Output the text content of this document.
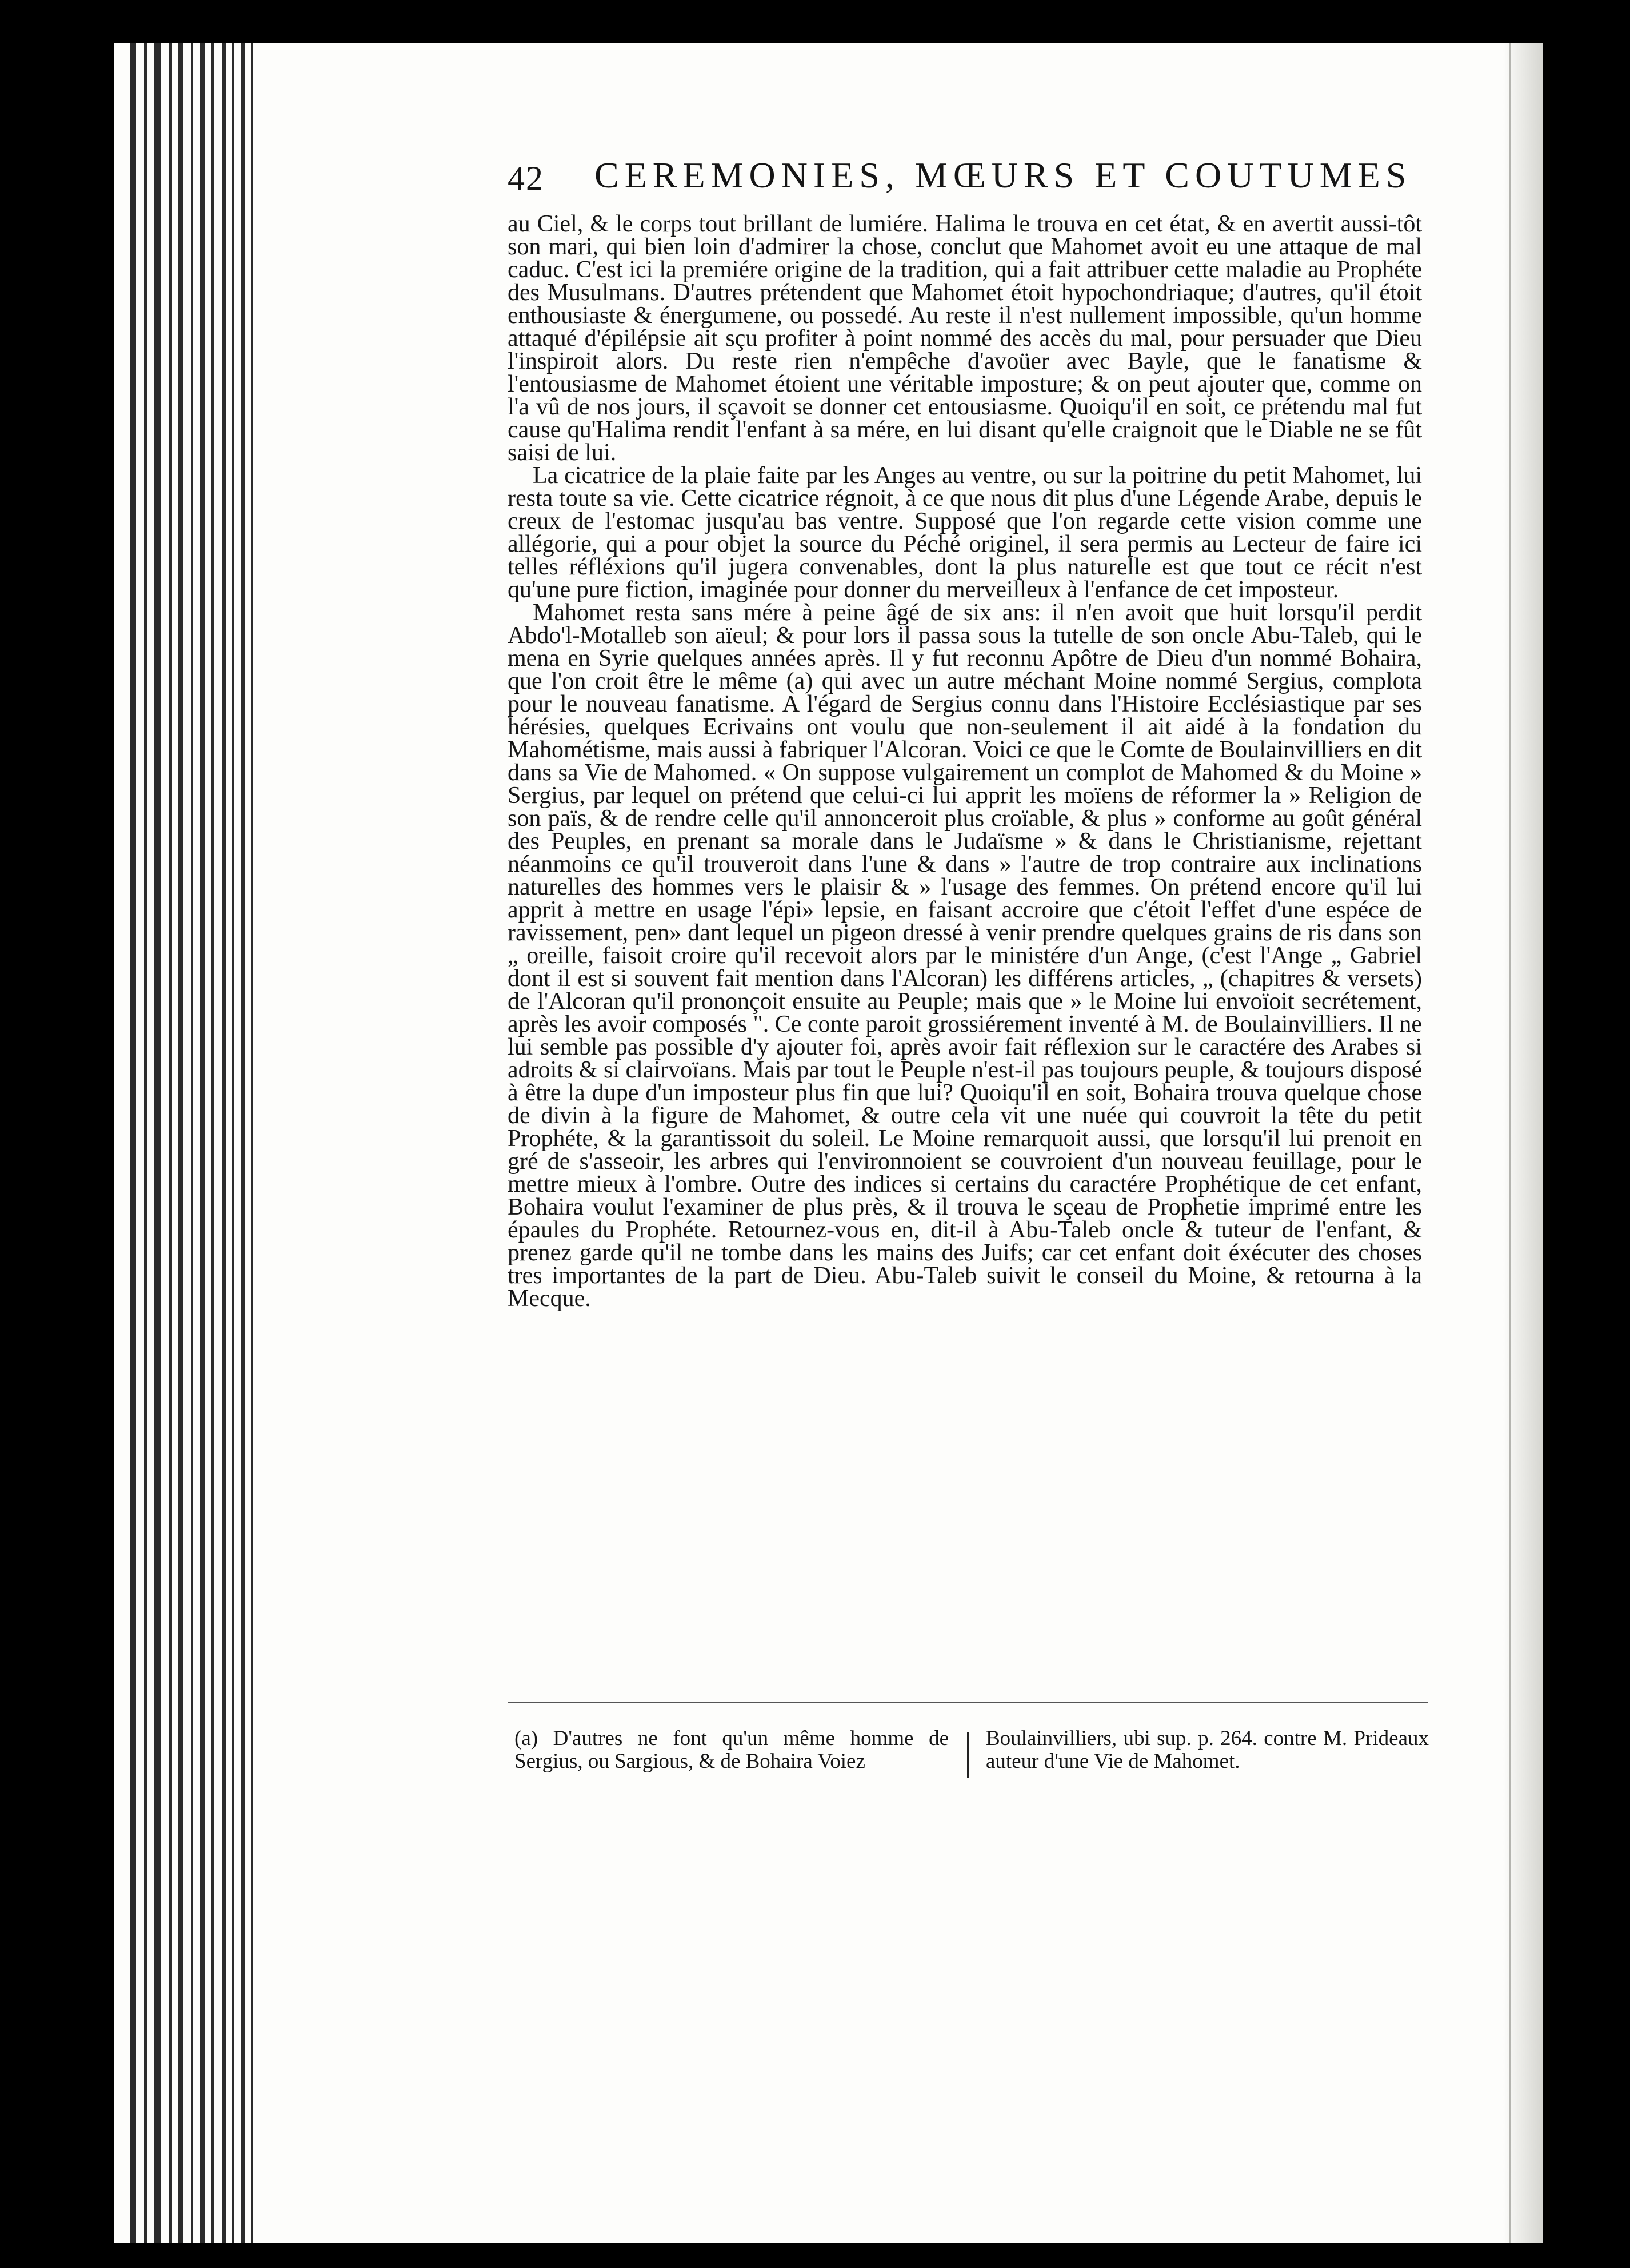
42 CEREMONIES, MŒURS ET COUTUMES

au Ciel, & le corps tout brillant de lumiére. Halima le trouva en cet état, & en avertit aussi-tôt son mari, qui bien loin d'admirer la chose, conclut que Mahomet avoit eu une attaque de mal caduc. C'est ici la premiére origine de la tradition, qui a fait attribuer cette maladie au Prophéte des Musulmans. D'autres prétendent que Mahomet étoit hypochondriaque; d'autres, qu'il étoit enthousiaste & énergumene, ou possedé. Au reste il n'est nullement impossible, qu'un homme attaqué d'épilépsie ait sçu profiter à point nommé des accès du mal, pour persuader que Dieu l'inspiroit alors. Du reste rien n'empêche d'avoüer avec Bayle, que le fanatisme & l'entousiasme de Mahomet étoient une véritable imposture; & on peut ajouter que, comme on l'a vû de nos jours, il sçavoit se donner cet entousiasme. Quoiqu'il en soit, ce prétendu mal fut cause qu'Halima rendit l'enfant à sa mére, en lui disant qu'elle craignoit que le Diable ne se fût saisi de lui.

La cicatrice de la plaie faite par les Anges au ventre, ou sur la poitrine du petit Mahomet, lui resta toute sa vie. Cette cicatrice régnoit, à ce que nous dit plus d'une Légende Arabe, depuis le creux de l'estomac jusqu'au bas ventre. Supposé que l'on regarde cette vision comme une allégorie, qui a pour objet la source du Péché originel, il sera permis au Lecteur de faire ici telles réfléxions qu'il jugera convenables, dont la plus naturelle est que tout ce récit n'est qu'une pure fiction, imaginée pour donner du merveilleux à l'enfance de cet imposteur.

Mahomet resta sans mére à peine âgé de six ans: il n'en avoit que huit lorsqu'il perdit Abdo'l-Motalleb son aïeul; & pour lors il passa sous la tutelle de son oncle Abu-Taleb, qui le mena en Syrie quelques années après. Il y fut reconnu Apôtre de Dieu d'un nommé Bohaira, que l'on croit être le même (a) qui avec un autre méchant Moine nommé Sergius, complota pour le nouveau fanatisme. A l'égard de Sergius connu dans l'Histoire Ecclésiastique par ses hérésies, quelques Ecrivains ont voulu que non-seulement il ait aidé à la fondation du Mahométisme, mais aussi à fabriquer l'Alcoran. Voici ce que le Comte de Boulainvilliers en dit dans sa Vie de Mahomed. « On suppose vulgairement un complot de Mahomed & du Moine » Sergius, par lequel on prétend que celui-ci lui apprit les moïens de réformer la » Religion de son païs, & de rendre celle qu'il annonceroit plus croïable, & plus » conforme au goût général des Peuples, en prenant sa morale dans le Judaïsme » & dans le Christianisme, rejettant néanmoins ce qu'il trouveroit dans l'une & dans » l'autre de trop contraire aux inclinations naturelles des hommes vers le plaisir & » l'usage des femmes. On prétend encore qu'il lui apprit à mettre en usage l'épi» lepsie, en faisant accroire que c'étoit l'effet d'une espéce de ravissement, pen» dant lequel un pigeon dressé à venir prendre quelques grains de ris dans son „ oreille, faisoit croire qu'il recevoit alors par le ministére d'un Ange, (c'est l'Ange „ Gabriel dont il est si souvent fait mention dans l'Alcoran) les différens articles, „ (chapitres & versets) de l'Alcoran qu'il prononçoit ensuite au Peuple; mais que » le Moine lui envoïoit secrétement, après les avoir composés ". Ce conte paroit grossiérement inventé à M. de Boulainvilliers. Il ne lui semble pas possible d'y ajouter foi, après avoir fait réflexion sur le caractére des Arabes si adroits & si clairvoïans. Mais par tout le Peuple n'est-il pas toujours peuple, & toujours disposé à être la dupe d'un imposteur plus fin que lui? Quoiqu'il en soit, Bohaira trouva quelque chose de divin à la figure de Mahomet, & outre cela vit une nuée qui couvroit la tête du petit Prophéte, & la garantissoit du soleil. Le Moine remarquoit aussi, que lorsqu'il lui prenoit en gré de s'asseoir, les arbres qui l'environnoient se couvroient d'un nouveau feuillage, pour le mettre mieux à l'ombre. Outre des indices si certains du caractére Prophétique de cet enfant, Bohaira voulut l'examiner de plus près, & il trouva le sçeau de Prophetie imprimé entre les épaules du Prophéte. Retournez-vous en, dit-il à Abu-Taleb oncle & tuteur de l'enfant, & prenez garde qu'il ne tombe dans les mains des Juifs; car cet enfant doit éxécuter des choses tres importantes de la part de Dieu. Abu-Taleb suivit le conseil du Moine, & retourna à la Mecque.

(a) D'autres ne font qu'un même homme de Sergius, ou Sargious, & de Bohaira Voiez
Boulainvilliers, ubi sup. p. 264. contre M. Prideaux auteur d'une Vie de Mahomet.
